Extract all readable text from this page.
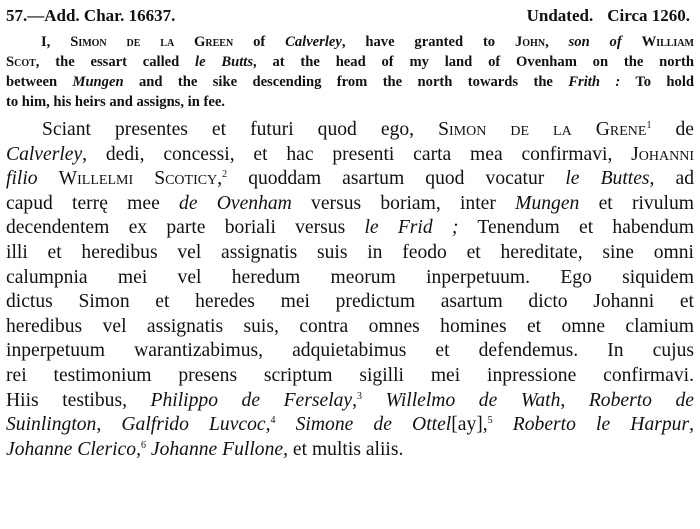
57.—Add. Char. 16637.	Undated. Circa 1260.
I, Simon de la Green of Calverley, have granted to John, son of William
Scot, the essart called le Butts, at the head of my land of Ovenham on the north
between Mungen and the sike descending from the north towards the Frith : To hold
to him, his heirs and assigns, in fee.
Sciant presentes et futuri quod ego, Simon de la Grene$^1$ de
Calverley, dedi, concessi, et hac presenti carta mea confirmavi, Johanni
filio Willelmi Scoticy,$^2$ quoddam asartum quod vocatur le Buttes, ad
capud terrę mee de Ovenham versus boriam, inter Mungen et rivulum
decendentem ex parte boriali versus le Frid ; Tenendum et habendum
illi et heredibus vel assignatis suis in feodo et hereditate, sine omni
calumpnia mei vel heredum meorum inperpetuum. Ego siquidem
dictus Simon et heredes mei predictum asartum dicto Johanni et
heredibus vel assignatis suis, contra omnes homines et omne clamium
inperpetuum warantizabimus, adquietabimus et defendemus. In cujus
rei testimonium presens scriptum sigilli mei inpressione confirmavi.
Hiis testibus, Philippo de Ferselay,$^3$ Willelmo de Wath, Roberto de
Suinlington, Galfrido Luvcoc,$^4$ Simone de Ottel[ay],$^5$ Roberto le Harpur,
Johanne Clerico,$^6$ Johanne Fullone, et multis aliis.
